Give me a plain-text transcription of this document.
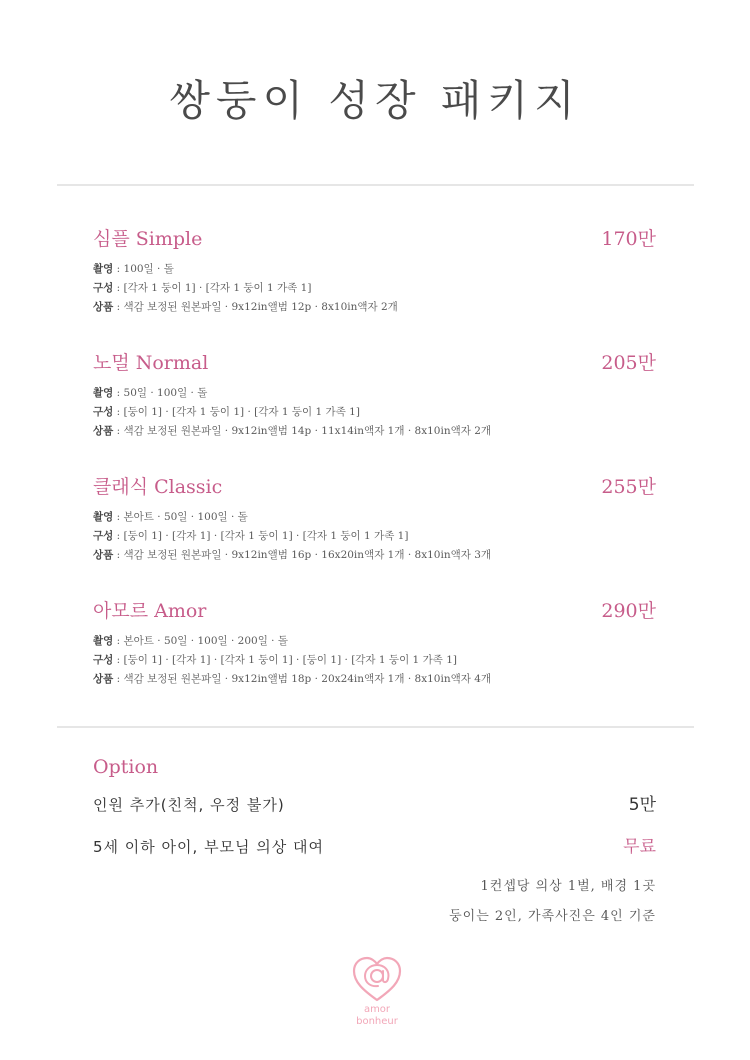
쌍둥이 성장 패키지
심플 Simple	170만
촬영 : 100일 · 돌
구성 : [각자 1 둥이 1] · [각자 1 둥이 1 가족 1]
상품 : 색감 보정된 원본파일 · 9x12in앨범 12p · 8x10in액자 2개
노멀 Normal	205만
촬영 : 50일 · 100일 · 돌
구성 : [둥이 1] · [각자 1 둥이 1] · [각자 1 둥이 1 가족 1]
상품 : 색감 보정된 원본파일 · 9x12in앨범 14p · 11x14in액자 1개 · 8x10in액자 2개
클래식 Classic	255만
촬영 : 본아트 · 50일 · 100일 · 돌
구성 : [둥이 1] · [각자 1] · [각자 1 둥이 1] · [각자 1 둥이 1 가족 1]
상품 : 색감 보정된 원본파일 · 9x12in앨범 16p · 16x20in액자 1개 · 8x10in액자 3개
아모르 Amor	290만
촬영 : 본아트 · 50일 · 100일 · 200일 · 돌
구성 : [둥이 1] · [각자 1] · [각자 1 둥이 1] · [둥이 1] · [각자 1 둥이 1 가족 1]
상품 : 색감 보정된 원본파일 · 9x12in앨범 18p · 20x24in액자 1개 · 8x10in액자 4개
Option
인원 추가(친척, 우정 불가)	5만
5세 이하 아이, 부모님 의상 대여	무료
1컨셉당 의상 1벌, 배경 1곳
둥이는 2인, 가족사진은 4인 기준
amor
bonheur
